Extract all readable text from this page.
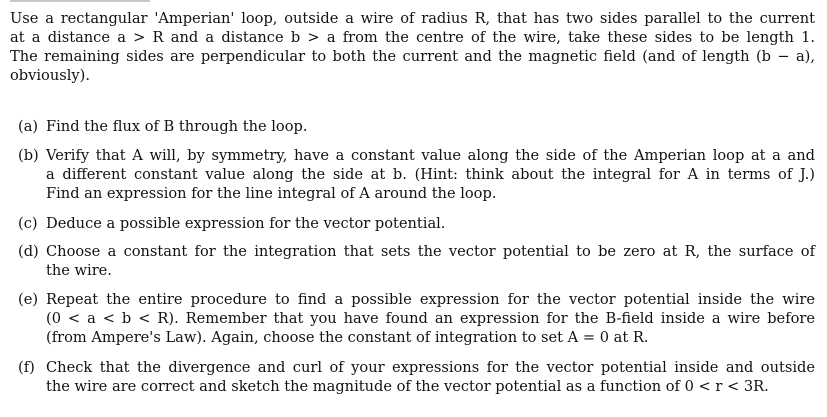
Use a rectangular 'Amperian' loop, outside a wire of radius R, that has two sides parallel to the current
at a distance a > R and a distance b > a from the centre of the wire, take these sides to be length 1.
The remaining sides are perpendicular to both the current and the magnetic field (and of length (b − a),
obviously).
(a) Find the flux of B through the loop.
(b) Verify that A will, by symmetry, have a constant value along the side of the Amperian loop at a and
a different constant value along the side at b. (Hint: think about the integral for A in terms of J.)
Find an expression for the line integral of A around the loop.
(c) Deduce a possible expression for the vector potential.
(d) Choose a constant for the integration that sets the vector potential to be zero at R, the surface of
the wire.
(e) Repeat the entire procedure to find a possible expression for the vector potential inside the wire
(0 < a < b < R). Remember that you have found an expression for the B-field inside a wire before
(from Ampere's Law). Again, choose the constant of integration to set A = 0 at R.
(f) Check that the divergence and curl of your expressions for the vector potential inside and outside
the wire are correct and sketch the magnitude of the vector potential as a function of 0 < r < 3R.
